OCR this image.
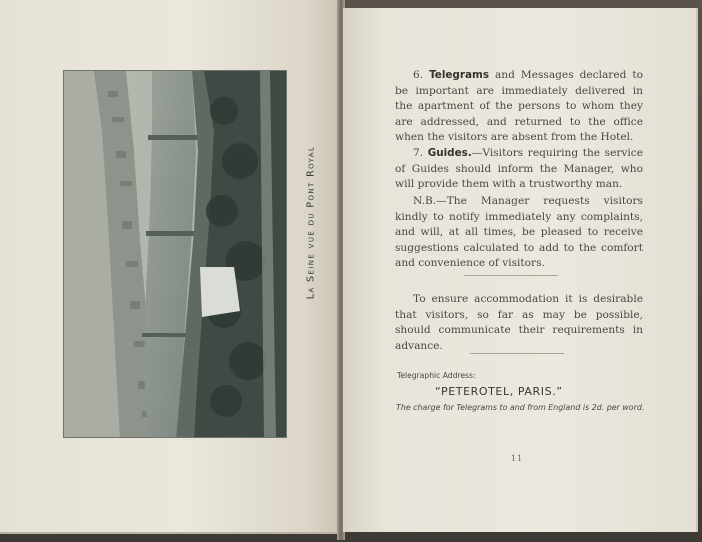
La Seine vue du Pont Royal

6. Telegrams and Messages declared to be important are immediately delivered in the apartment of the persons to whom they are addressed, and returned to the office when the visitors are absent from the Hotel.

7. Guides.—Visitors requiring the service of Guides should inform the Manager, who will provide them with a trustworthy man.

N.B.—The Manager requests visitors kindly to notify immediately any complaints, and will, at all times, be pleased to receive suggestions calculated to add to the comfort and convenience of visitors.

To ensure accommodation it is desirable that visitors, so far as may be possible, should communicate their requirements in advance.

Telegraphic Address:
“PETEROTEL, PARIS.”
The charge for Telegrams to and from England is 2d. per word.
11
